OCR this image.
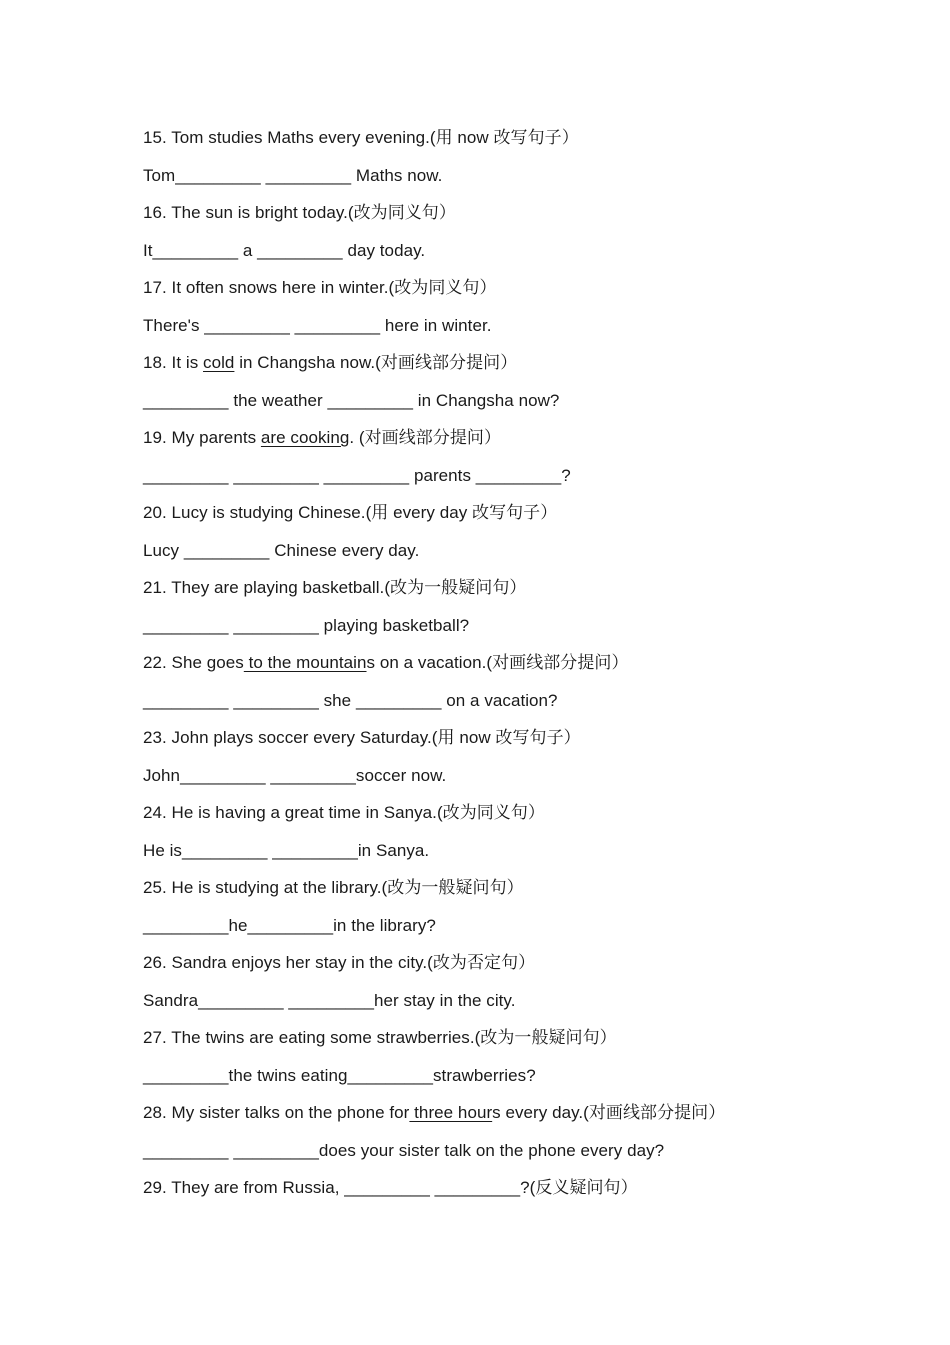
15. Tom studies Maths every evening.(用 now 改写句子）
Tom_________ _________ Maths now.
16. The sun is bright today.(改为同义句）
It_________ a _________ day today.
17. It often snows here in winter.(改为同义句）
There's _________ _________ here in winter.
18. It is cold in Changsha now.(对画线部分提问）
_________ the weather _________ in Changsha now?
19. My parents are cooking. (对画线部分提问）
_________ _________ _________ parents _________?
20. Lucy is studying Chinese.(用 every day 改写句子）
Lucy _________ Chinese every day.
21. They are playing basketball.(改为一般疑问句）
_________ _________ playing basketball?
22. She goes to the mountains on a vacation.(对画线部分提问）
_________ _________ she _________ on a vacation?
23. John plays soccer every Saturday.(用 now 改写句子）
John_________ _________soccer now.
24. He is having a great time in Sanya.(改为同义句）
He is_________ _________in Sanya.
25. He is studying at the library.(改为一般疑问句）
_________he_________in the library?
26. Sandra enjoys her stay in the city.(改为否定句）
Sandra_________ _________her stay in the city.
27. The twins are eating some strawberries.(改为一般疑问句）
_________the twins eating_________strawberries?
28. My sister talks on the phone for three hours every day.(对画线部分提问）
_________ _________does your sister talk on the phone every day?
29. They are from Russia, _________ _________?(反义疑问句）
